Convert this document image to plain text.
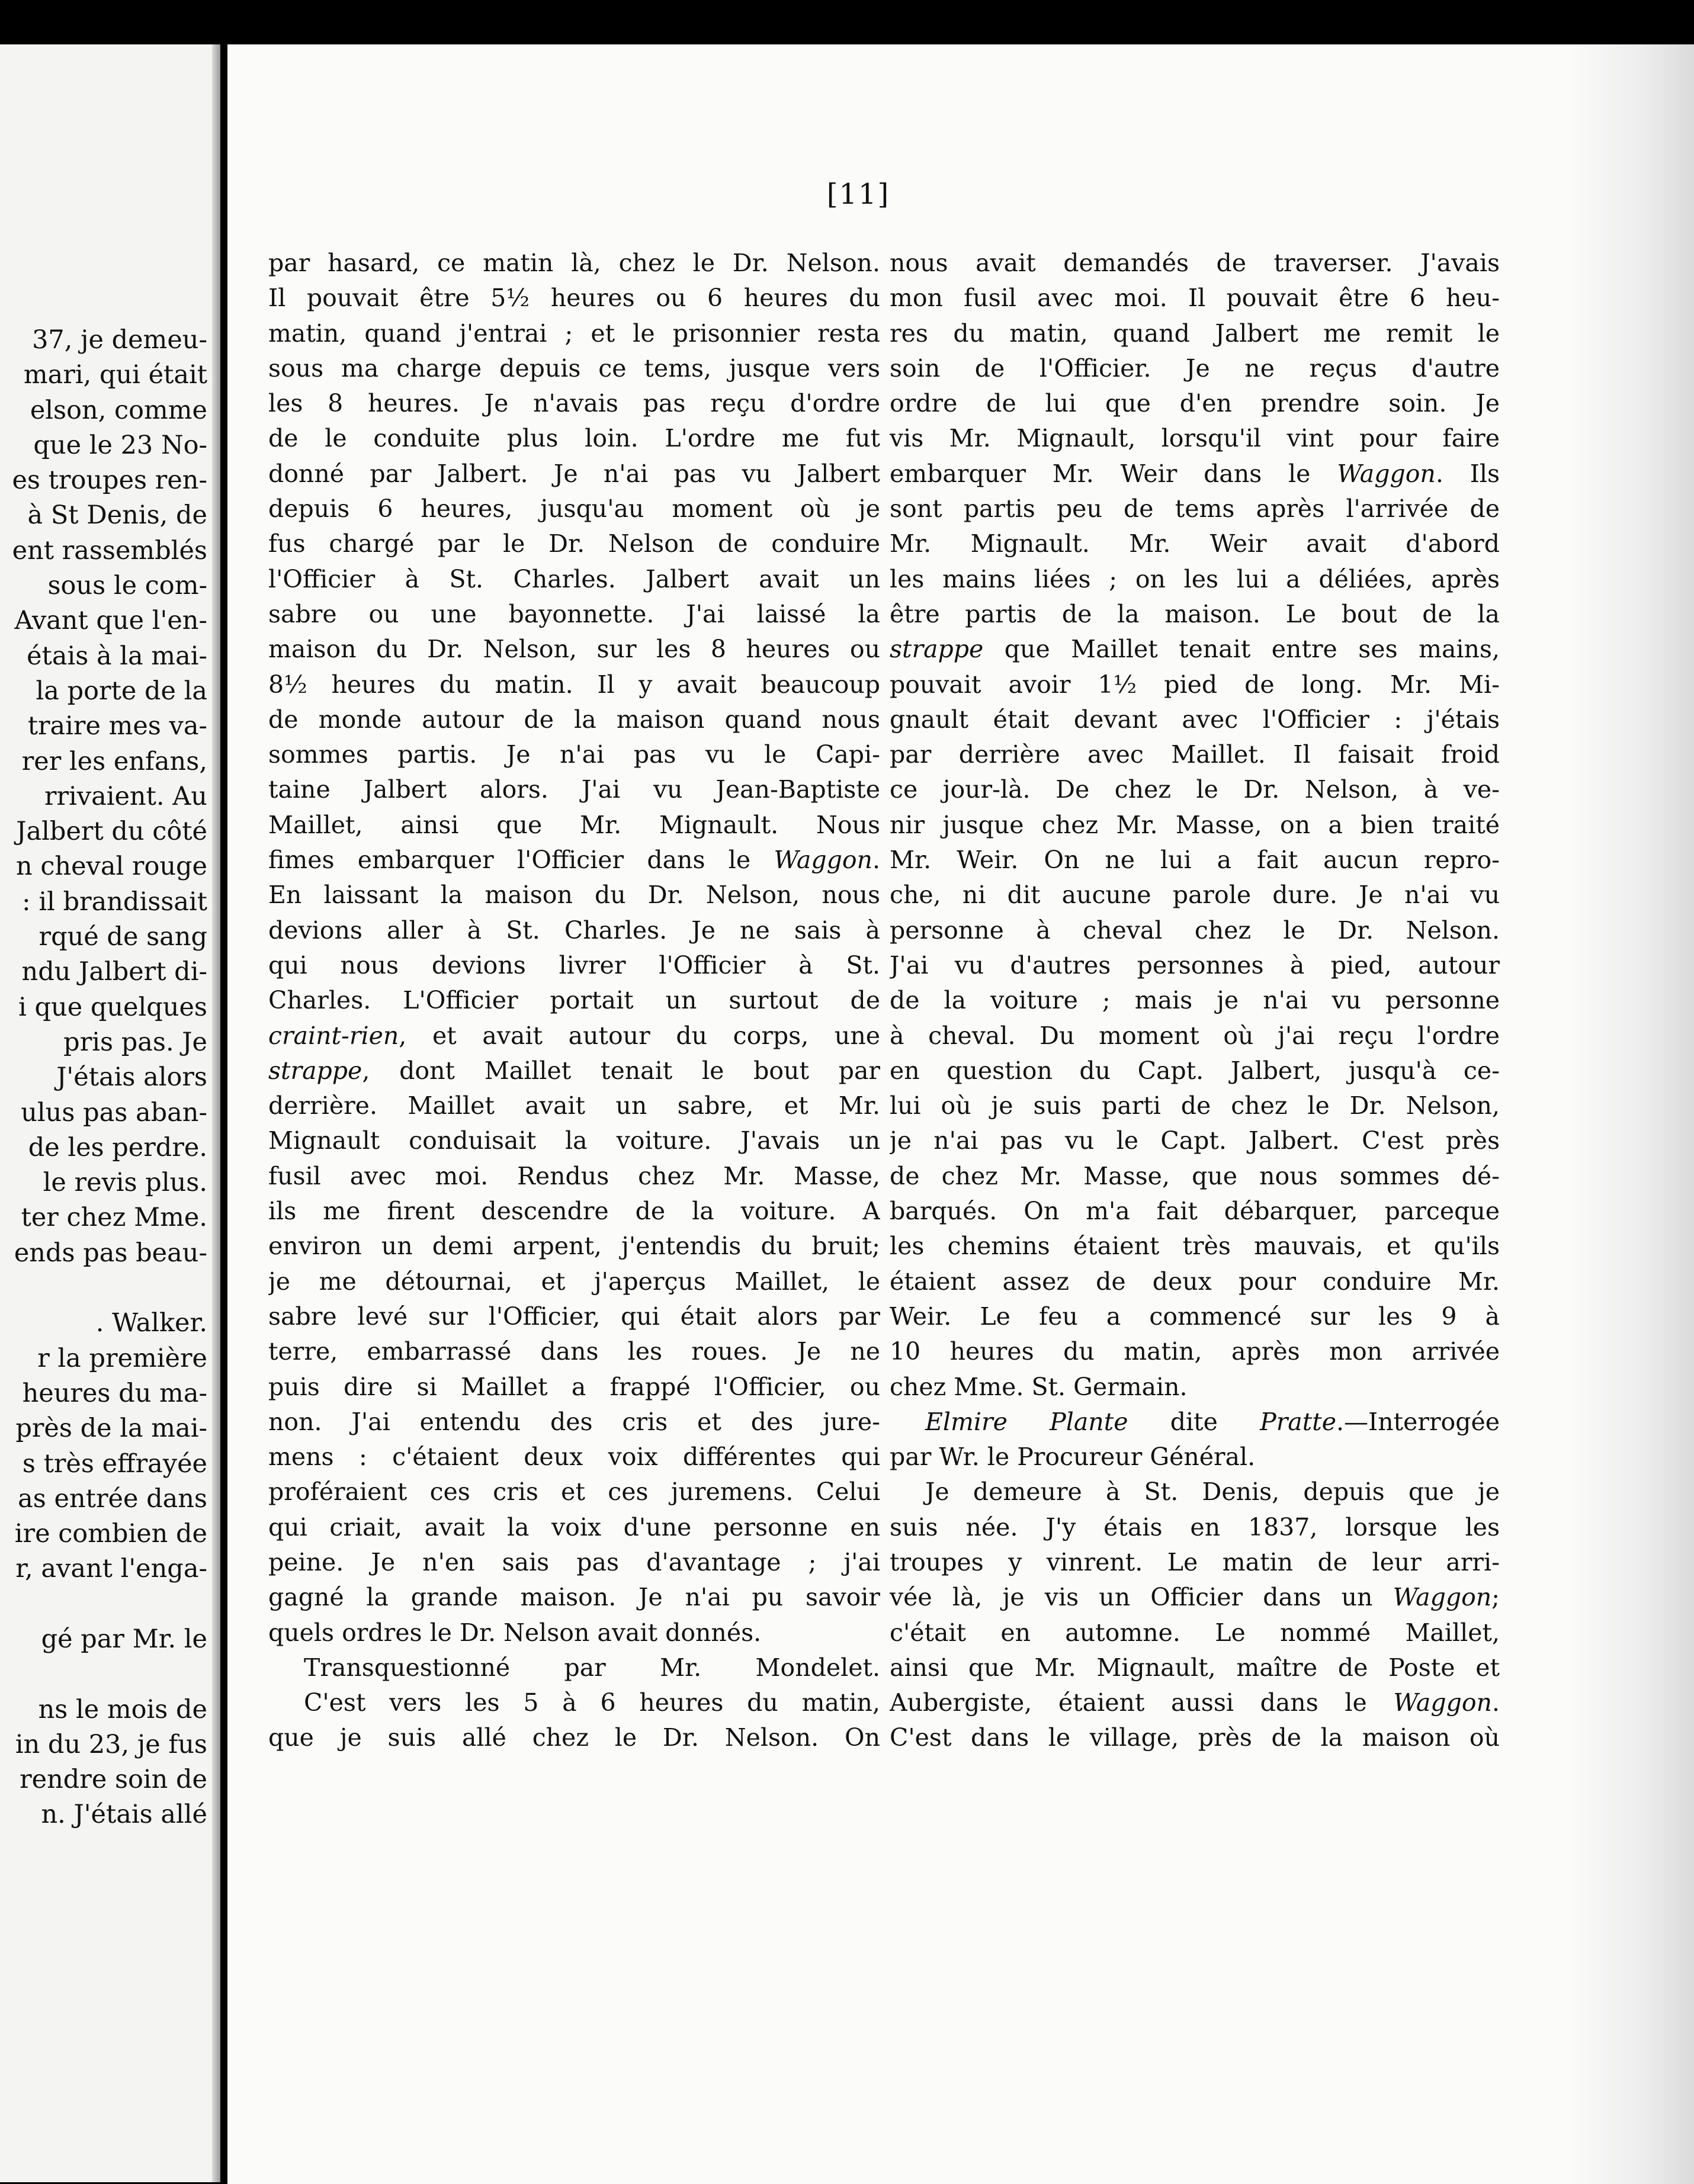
37, je demeu-
mari, qui était
elson, comme
que le 23 No-
es troupes ren-
à St Denis, de
ent rassemblés
sous le com-
Avant que l'en-
étais à la mai-
la porte de la
traire mes va-
rer les enfans,
rrivaient. Au
Jalbert du côté
n cheval rouge
: il brandissait
rqué de sang
ndu Jalbert di-
i que quelques
pris pas. Je
J'étais alors
ulus pas aban-
de les perdre.
le revis plus.
ter chez Mme.
ends pas beau-
. Walker.
r la première
heures du ma-
près de la mai-
s très effrayée
as entrée dans
ire combien de
r, avant l'enga-
gé par Mr. le
ns le mois de
in du 23, je fus
rendre soin de
n. J'étais allé
[11]
par hasard, ce matin là, chez le Dr. Nelson.
Il pouvait être 5½ heures ou 6 heures du
matin, quand j'entrai ; et le prisonnier resta
sous ma charge depuis ce tems, jusque vers
les 8 heures. Je n'avais pas reçu d'ordre
de le conduite plus loin. L'ordre me fut
donné par Jalbert. Je n'ai pas vu Jalbert
depuis 6 heures, jusqu'au moment où je
fus chargé par le Dr. Nelson de conduire
l'Officier à St. Charles. Jalbert avait un
sabre ou une bayonnette. J'ai laissé la
maison du Dr. Nelson, sur les 8 heures ou
8½ heures du matin. Il y avait beaucoup
de monde autour de la maison quand nous
sommes partis. Je n'ai pas vu le Capi-
taine Jalbert alors. J'ai vu Jean-Baptiste
Maillet, ainsi que Mr. Mignault. Nous
fimes embarquer l'Officier dans le Waggon.
En laissant la maison du Dr. Nelson, nous
devions aller à St. Charles. Je ne sais à
qui nous devions livrer l'Officier à St.
Charles. L'Officier portait un surtout de
craint-rien, et avait autour du corps, une
strappe, dont Maillet tenait le bout par
derrière. Maillet avait un sabre, et Mr.
Mignault conduisait la voiture. J'avais un
fusil avec moi. Rendus chez Mr. Masse,
ils me firent descendre de la voiture. A
environ un demi arpent, j'entendis du bruit;
je me détournai, et j'aperçus Maillet, le
sabre levé sur l'Officier, qui était alors par
terre, embarrassé dans les roues. Je ne
puis dire si Maillet a frappé l'Officier, ou
non. J'ai entendu des cris et des jure-
mens : c'étaient deux voix différentes qui
proféraient ces cris et ces juremens. Celui
qui criait, avait la voix d'une personne en
peine. Je n'en sais pas d'avantage ; j'ai
gagné la grande maison. Je n'ai pu savoir
quels ordres le Dr. Nelson avait donnés.
Transquestionné par Mr. Mondelet.
C'est vers les 5 à 6 heures du matin,
que je suis allé chez le Dr. Nelson. On
nous avait demandés de traverser. J'avais
mon fusil avec moi. Il pouvait être 6 heu-
res du matin, quand Jalbert me remit le
soin de l'Officier. Je ne reçus d'autre
ordre de lui que d'en prendre soin. Je
vis Mr. Mignault, lorsqu'il vint pour faire
embarquer Mr. Weir dans le Waggon. Ils
sont partis peu de tems après l'arrivée de
Mr. Mignault. Mr. Weir avait d'abord
les mains liées ; on les lui a déliées, après
être partis de la maison. Le bout de la
strappe que Maillet tenait entre ses mains,
pouvait avoir 1½ pied de long. Mr. Mi-
gnault était devant avec l'Officier : j'étais
par derrière avec Maillet. Il faisait froid
ce jour-là. De chez le Dr. Nelson, à ve-
nir jusque chez Mr. Masse, on a bien traité
Mr. Weir. On ne lui a fait aucun repro-
che, ni dit aucune parole dure. Je n'ai vu
personne à cheval chez le Dr. Nelson.
J'ai vu d'autres personnes à pied, autour
de la voiture ; mais je n'ai vu personne
à cheval. Du moment où j'ai reçu l'ordre
en question du Capt. Jalbert, jusqu'à ce-
lui où je suis parti de chez le Dr. Nelson,
je n'ai pas vu le Capt. Jalbert. C'est près
de chez Mr. Masse, que nous sommes dé-
barqués. On m'a fait débarquer, parceque
les chemins étaient très mauvais, et qu'ils
étaient assez de deux pour conduire Mr.
Weir. Le feu a commencé sur les 9 à
10 heures du matin, après mon arrivée
chez Mme. St. Germain.
Elmire Plante dite Pratte.—Interrogée
par Wr. le Procureur Général.
Je demeure à St. Denis, depuis que je
suis née. J'y étais en 1837, lorsque les
troupes y vinrent. Le matin de leur arri-
vée là, je vis un Officier dans un Waggon;
c'était en automne. Le nommé Maillet,
ainsi que Mr. Mignault, maître de Poste et
Aubergiste, étaient aussi dans le Waggon.
C'est dans le village, près de la maison où
